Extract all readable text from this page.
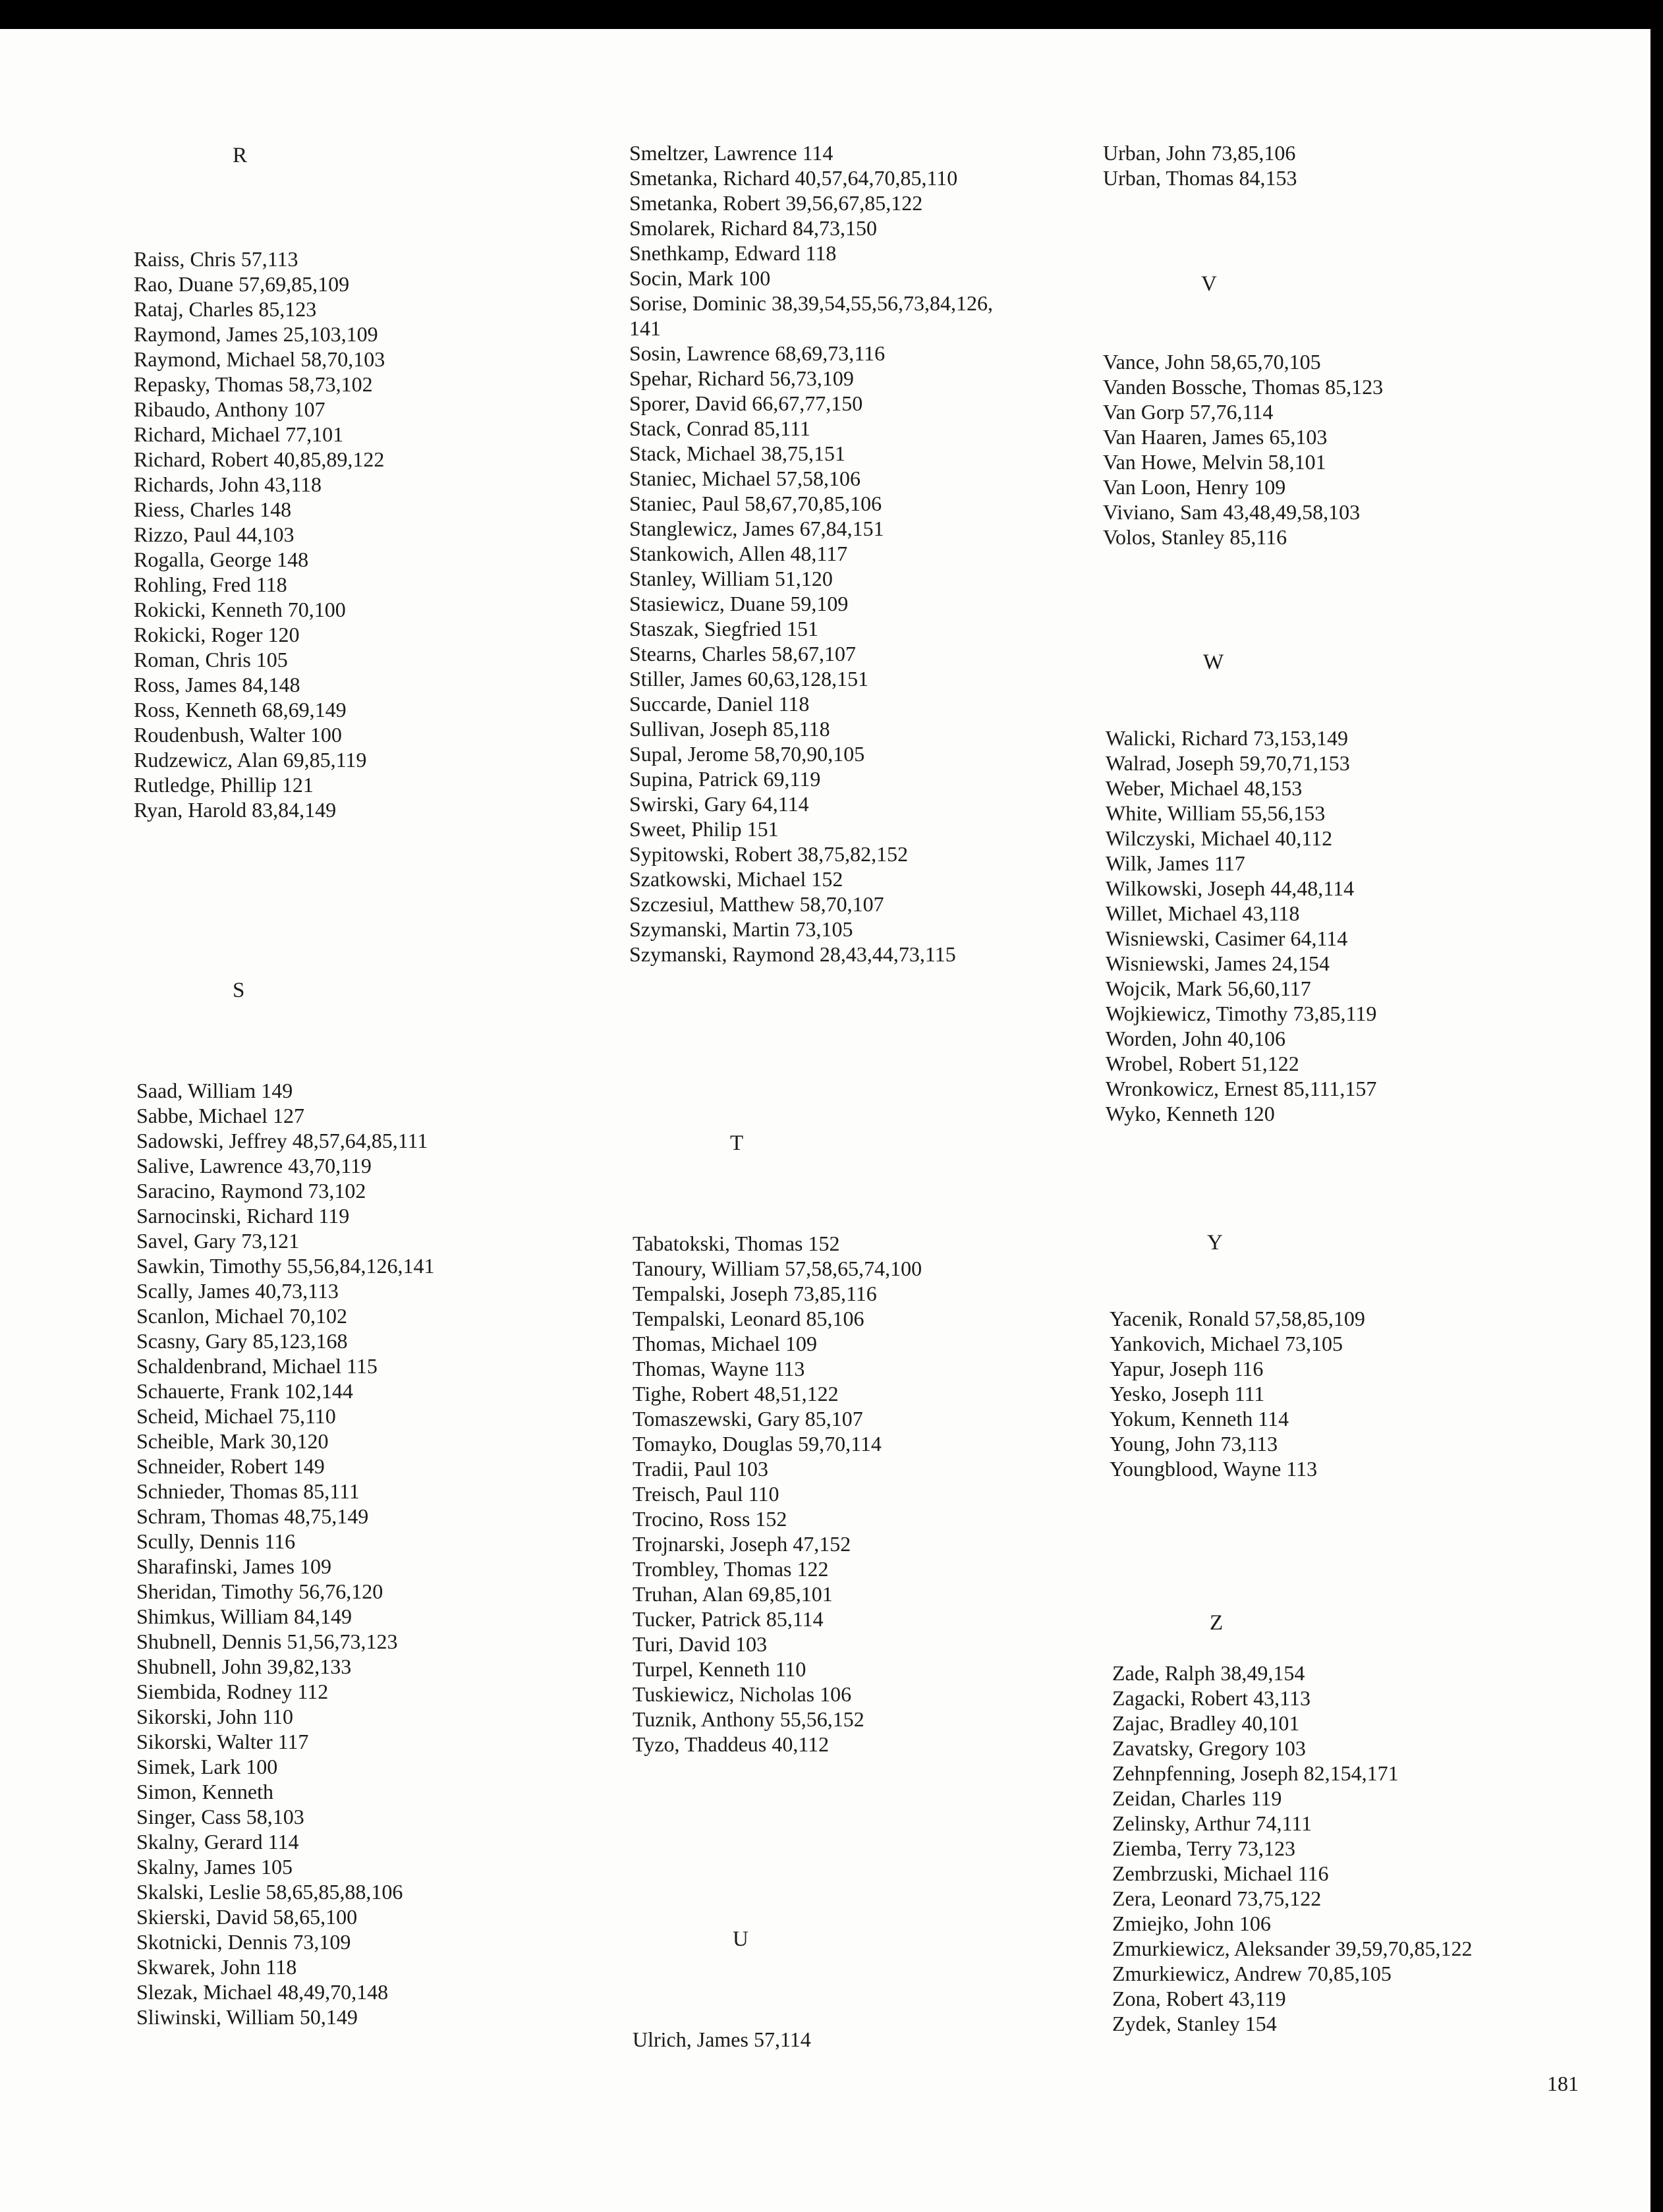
R
Raiss, Chris 57,113
Rao, Duane 57,69,85,109
Rataj, Charles 85,123
Raymond, James 25,103,109
Raymond, Michael 58,70,103
Repasky, Thomas 58,73,102
Ribaudo, Anthony 107
Richard, Michael 77,101
Richard, Robert 40,85,89,122
Richards, John 43,118
Riess, Charles 148
Rizzo, Paul 44,103
Rogalla, George 148
Rohling, Fred 118
Rokicki, Kenneth 70,100
Rokicki, Roger 120
Roman, Chris 105
Ross, James 84,148
Ross, Kenneth 68,69,149
Roudenbush, Walter 100
Rudzewicz, Alan 69,85,119
Rutledge, Phillip 121
Ryan, Harold 83,84,149
S
Saad, William 149
Sabbe, Michael 127
Sadowski, Jeffrey 48,57,64,85,111
Salive, Lawrence 43,70,119
Saracino, Raymond 73,102
Sarnocinski, Richard 119
Savel, Gary 73,121
Sawkin, Timothy 55,56,84,126,141
Scally, James 40,73,113
Scanlon, Michael 70,102
Scasny, Gary 85,123,168
Schaldenbrand, Michael 115
Schauerte, Frank 102,144
Scheid, Michael 75,110
Scheible, Mark 30,120
Schneider, Robert 149
Schnieder, Thomas 85,111
Schram, Thomas 48,75,149
Scully, Dennis 116
Sharafinski, James 109
Sheridan, Timothy 56,76,120
Shimkus, William 84,149
Shubnell, Dennis 51,56,73,123
Shubnell, John 39,82,133
Siembida, Rodney 112
Sikorski, John 110
Sikorski, Walter 117
Simek, Lark 100
Simon, Kenneth
Singer, Cass 58,103
Skalny, Gerard 114
Skalny, James 105
Skalski, Leslie 58,65,85,88,106
Skierski, David 58,65,100
Skotnicki, Dennis 73,109
Skwarek, John 118
Slezak, Michael 48,49,70,148
Sliwinski, William 50,149
Smeltzer, Lawrence 114
Smetanka, Richard 40,57,64,70,85,110
Smetanka, Robert 39,56,67,85,122
Smolarek, Richard 84,73,150
Snethkamp, Edward 118
Socin, Mark 100
Sorise, Dominic 38,39,54,55,56,73,84,126,
141
Sosin, Lawrence 68,69,73,116
Spehar, Richard 56,73,109
Sporer, David 66,67,77,150
Stack, Conrad 85,111
Stack, Michael 38,75,151
Staniec, Michael 57,58,106
Staniec, Paul 58,67,70,85,106
Stanglewicz, James 67,84,151
Stankowich, Allen 48,117
Stanley, William 51,120
Stasiewicz, Duane 59,109
Staszak, Siegfried 151
Stearns, Charles 58,67,107
Stiller, James 60,63,128,151
Succarde, Daniel 118
Sullivan, Joseph 85,118
Supal, Jerome 58,70,90,105
Supina, Patrick 69,119
Swirski, Gary 64,114
Sweet, Philip 151
Sypitowski, Robert 38,75,82,152
Szatkowski, Michael 152
Szczesiul, Matthew 58,70,107
Szymanski, Martin 73,105
Szymanski, Raymond 28,43,44,73,115
T
Tabatokski, Thomas 152
Tanoury, William 57,58,65,74,100
Tempalski, Joseph 73,85,116
Tempalski, Leonard 85,106
Thomas, Michael 109
Thomas, Wayne 113
Tighe, Robert 48,51,122
Tomaszewski, Gary 85,107
Tomayko, Douglas 59,70,114
Tradii, Paul 103
Treisch, Paul 110
Trocino, Ross 152
Trojnarski, Joseph 47,152
Trombley, Thomas 122
Truhan, Alan 69,85,101
Tucker, Patrick 85,114
Turi, David 103
Turpel, Kenneth 110
Tuskiewicz, Nicholas 106
Tuznik, Anthony 55,56,152
Tyzo, Thaddeus 40,112
U
Ulrich, James 57,114
Urban, John 73,85,106
Urban, Thomas 84,153
V
Vance, John 58,65,70,105
Vanden Bossche, Thomas 85,123
Van Gorp 57,76,114
Van Haaren, James 65,103
Van Howe, Melvin 58,101
Van Loon, Henry 109
Viviano, Sam 43,48,49,58,103
Volos, Stanley 85,116
W
Walicki, Richard 73,153,149
Walrad, Joseph 59,70,71,153
Weber, Michael 48,153
White, William 55,56,153
Wilczyski, Michael 40,112
Wilk, James 117
Wilkowski, Joseph 44,48,114
Willet, Michael 43,118
Wisniewski, Casimer 64,114
Wisniewski, James 24,154
Wojcik, Mark 56,60,117
Wojkiewicz, Timothy 73,85,119
Worden, John 40,106
Wrobel, Robert 51,122
Wronkowicz, Ernest 85,111,157
Wyko, Kenneth 120
Y
Yacenik, Ronald 57,58,85,109
Yankovich, Michael 73,105
Yapur, Joseph 116
Yesko, Joseph 111
Yokum, Kenneth 114
Young, John 73,113
Youngblood, Wayne 113
Z
Zade, Ralph 38,49,154
Zagacki, Robert 43,113
Zajac, Bradley 40,101
Zavatsky, Gregory 103
Zehnpfenning, Joseph 82,154,171
Zeidan, Charles 119
Zelinsky, Arthur 74,111
Ziemba, Terry 73,123
Zembrzuski, Michael 116
Zera, Leonard 73,75,122
Zmiejko, John 106
Zmurkiewicz, Aleksander 39,59,70,85,122
Zmurkiewicz, Andrew 70,85,105
Zona, Robert 43,119
Zydek, Stanley 154
181
